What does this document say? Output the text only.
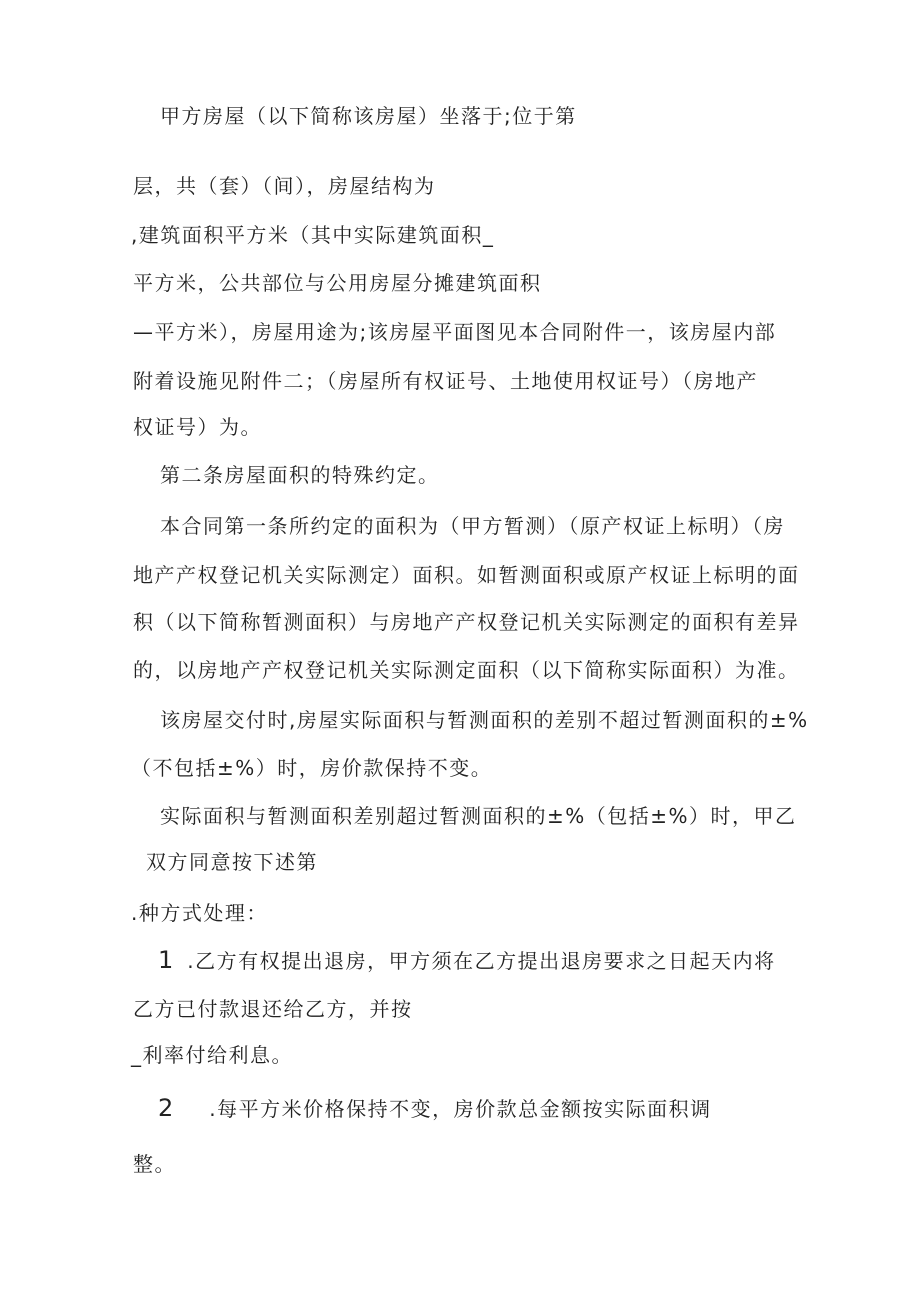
甲方房屋（以下简称该房屋）坐落于;位于第
层，共（套）（间），房屋结构为
,建筑面积平方米（其中实际建筑面积_
平方米，公共部位与公用房屋分摊建筑面积
—平方米），房屋用途为;该房屋平面图见本合同附件一，该房屋内部
附着设施见附件二；（房屋所有权证号、土地使用权证号）（房地产
权证号）为。
第二条房屋面积的特殊约定。
本合同第一条所约定的面积为（甲方暂测）（原产权证上标明）（房
地产产权登记机关实际测定）面积。如暂测面积或原产权证上标明的面
积（以下简称暂测面积）与房地产产权登记机关实际测定的面积有差异
的，以房地产产权登记机关实际测定面积（以下简称实际面积）为准。
该房屋交付时,房屋实际面积与暂测面积的差别不超过暂测面积的±%
（不包括±%）时，房价款保持不变。
实际面积与暂测面积差别超过暂测面积的±%（包括±%）时，甲乙
双方同意按下述第
.种方式处理：
1 .乙方有权提出退房，甲方须在乙方提出退房要求之日起天内将
乙方已付款退还给乙方，并按
_利率付给利息。
2 .每平方米价格保持不变，房价款总金额按实际面积调
整。
